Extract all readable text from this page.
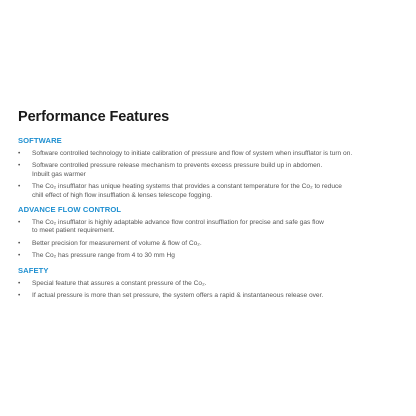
Performance Features
SOFTWARE
• Software controlled technology to initiate calibration of pressure and flow of system when insufflator is turn on.
• Software controlled pressure release mechanism to prevents excess pressure build up in abdomen.
Inbuilt gas warmer
• The Co₂ insufflator has unique heating systems that provides a constant temperature for the Co₂ to reduce
chill effect of high flow insufflation & lenses telescope fogging.
ADVANCE FLOW CONTROL
• The Co₂ insufflator is highly adaptable advance flow control insufflation for precise and safe gas flow
to meet patient requirement.
• Better precision for measurement of volume & flow of Co₂.
• The Co₂ has pressure range from 4 to 30 mm Hg
SAFETY
• Special feature that assures a constant pressure of the Co₂.
• If actual pressure is more than set pressure, the system offers a rapid & instantaneous release over.
